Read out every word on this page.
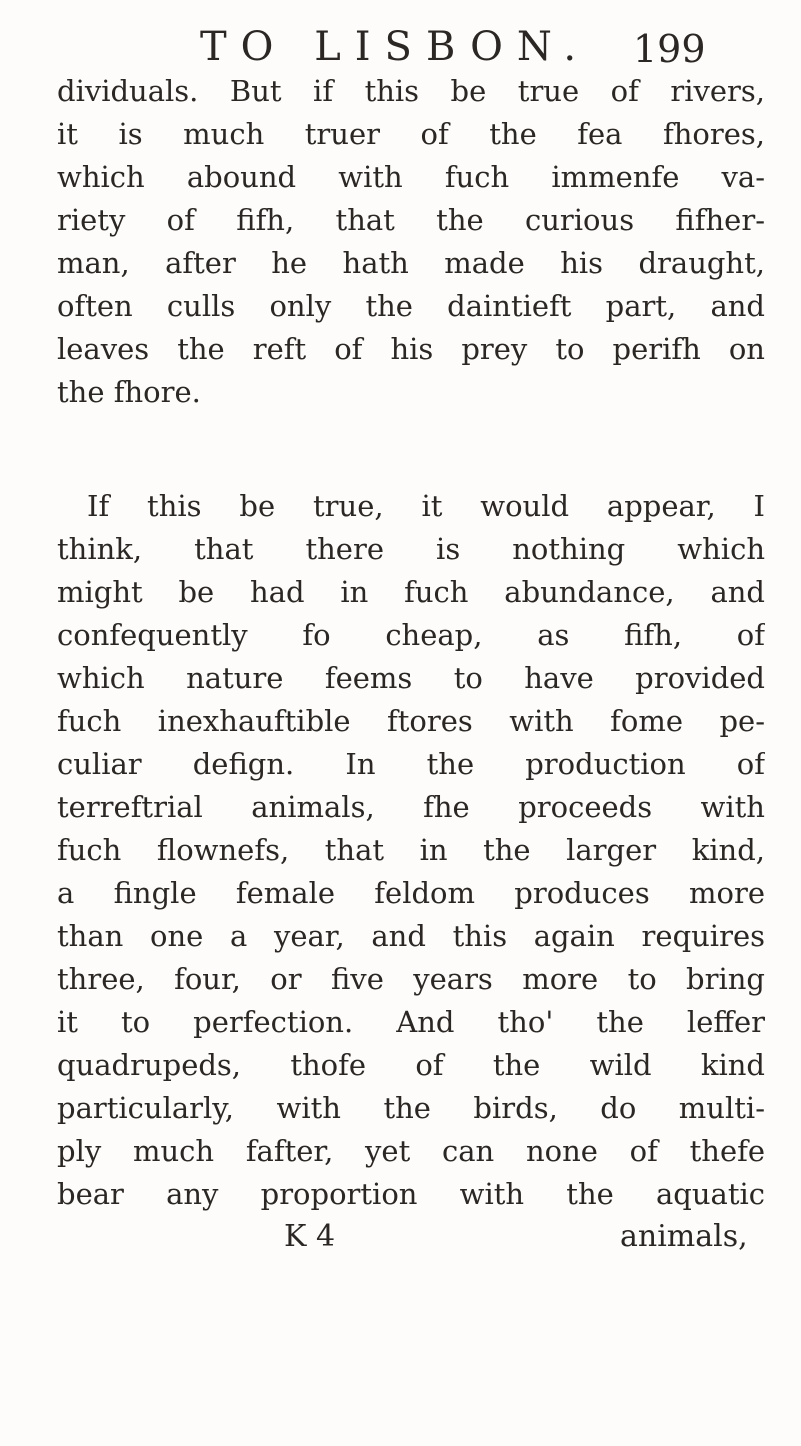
TO LISBON. 199
dividuals. But if this be true of rivers,
it is much truer of the fea fhores,
which abound with fuch immenfe va-
riety of fifh, that the curious fifher-
man, after he hath made his draught,
often culls only the daintieft part, and
leaves the reft of his prey to perifh on
the fhore.
If this be true, it would appear, I
think, that there is nothing which
might be had in fuch abundance, and
confequently fo cheap, as fifh, of
which nature feems to have provided
fuch inexhauftible ftores with fome pe-
culiar defign. In the production of
terreftrial animals, fhe proceeds with
fuch flownefs, that in the larger kind,
a fingle female feldom produces more
than one a year, and this again requires
three, four, or five years more to bring
it to perfection. And tho' the leffer
quadrupeds, thofe of the wild kind
particularly, with the birds, do multi-
ply much fafter, yet can none of thefe
bear any proportion with the aquatic
K 4	animals,
